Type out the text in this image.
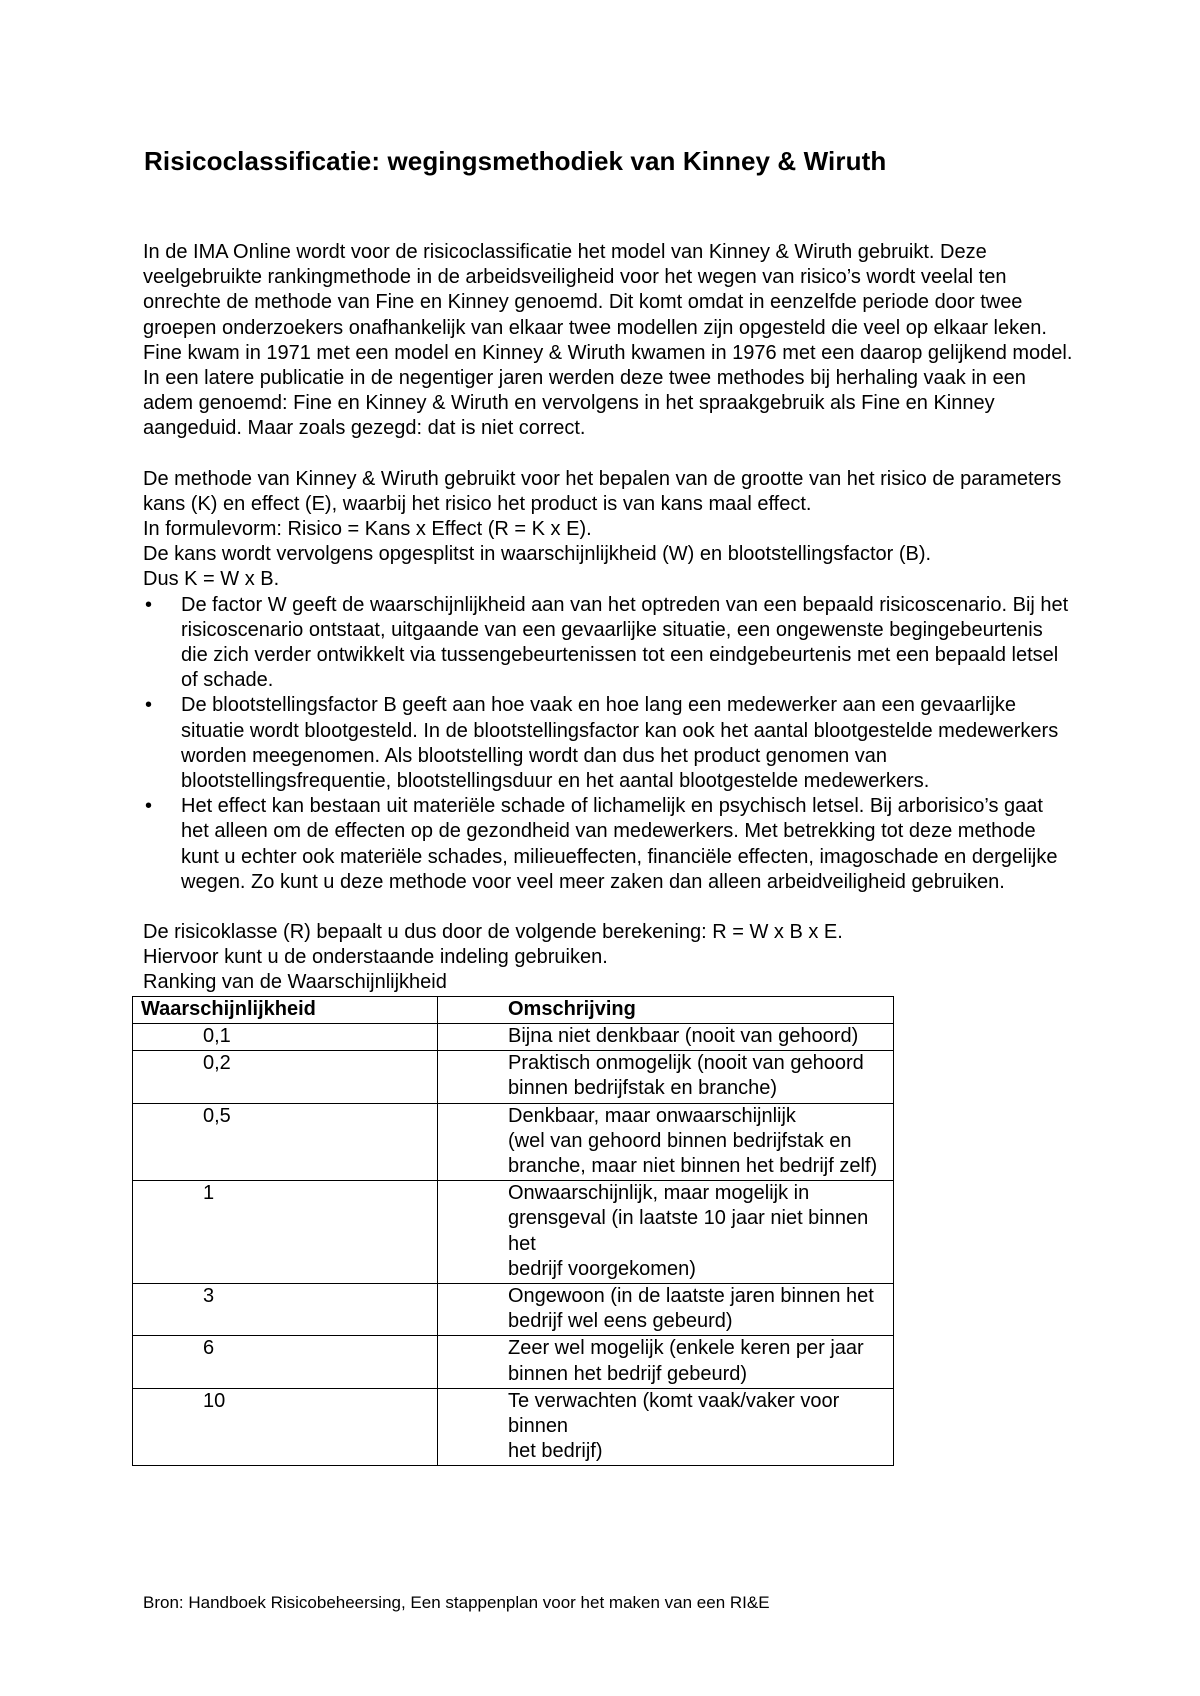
Risicoclassificatie: wegingsmethodiek van Kinney & Wiruth

In de IMA Online wordt voor de risicoclassificatie het model van Kinney & Wiruth gebruikt. Deze veelgebruikte rankingmethode in de arbeidsveiligheid voor het wegen van risico’s wordt veelal ten onrechte de methode van Fine en Kinney genoemd. Dit komt omdat in eenzelfde periode door twee groepen onderzoekers onafhankelijk van elkaar twee modellen zijn opgesteld die veel op elkaar leken. Fine kwam in 1971 met een model en Kinney & Wiruth kwamen in 1976 met een daarop gelijkend model. In een latere publicatie in de negentiger jaren werden deze twee methodes bij herhaling vaak in een adem genoemd: Fine en Kinney & Wiruth en vervolgens in het spraakgebruik als Fine en Kinney aangeduid. Maar zoals gezegd: dat is niet correct.

De methode van Kinney & Wiruth gebruikt voor het bepalen van de grootte van het risico de parameters kans (K) en effect (E), waarbij het risico het product is van kans maal effect.

In formulevorm: Risico = Kans x Effect (R = K x E).

De kans wordt vervolgens opgesplitst in waarschijnlijkheid (W) en blootstellingsfactor (B).

Dus K = W x B.

• De factor W geeft de waarschijnlijkheid aan van het optreden van een bepaald risicoscenario. Bij het risicoscenario ontstaat, uitgaande van een gevaarlijke situatie, een ongewenste begingebeurtenis die zich verder ontwikkelt via tussengebeurtenissen tot een eindgebeurtenis met een bepaald letsel of schade.
• De blootstellingsfactor B geeft aan hoe vaak en hoe lang een medewerker aan een gevaarlijke situatie wordt blootgesteld. In de blootstellingsfactor kan ook het aantal blootgestelde medewerkers worden meegenomen. Als blootstelling wordt dan dus het product genomen van blootstellingsfrequentie, blootstellingsduur en het aantal blootgestelde medewerkers.
• Het effect kan bestaan uit materiële schade of lichamelijk en psychisch letsel. Bij arborisico’s gaat het alleen om de effecten op de gezondheid van medewerkers. Met betrekking tot deze methode kunt u echter ook materiële schades, milieueffecten, financiële effecten, imagoschade en dergelijke wegen. Zo kunt u deze methode voor veel meer zaken dan alleen arbeidveiligheid gebruiken.

De risicoklasse (R) bepaalt u dus door de volgende berekening: R = W x B x E.

Hiervoor kunt u de onderstaande indeling gebruiken.

Ranking van de Waarschijnlijkheid

Waarschijnlijkheid	Omschrijving
0,1	Bijna niet denkbaar (nooit van gehoord)

0,2	Praktisch onmogelijk (nooit van gehoord
binnen bedrijfstak en branche)

0,5	Denkbaar, maar onwaarschijnlijk
(wel van gehoord binnen bedrijfstak en
branche, maar niet binnen het bedrijf zelf)

1	Onwaarschijnlijk, maar mogelijk in
grensgeval (in laatste 10 jaar niet binnen het
bedrijf voorgekomen)

3	Ongewoon (in de laatste jaren binnen het
bedrijf wel eens gebeurd)

6	Zeer wel mogelijk (enkele keren per jaar
binnen het bedrijf gebeurd)

10	Te verwachten (komt vaak/vaker voor binnen
het bedrijf)
Bron: Handboek Risicobeheersing, Een stappenplan voor het maken van een RI&E
